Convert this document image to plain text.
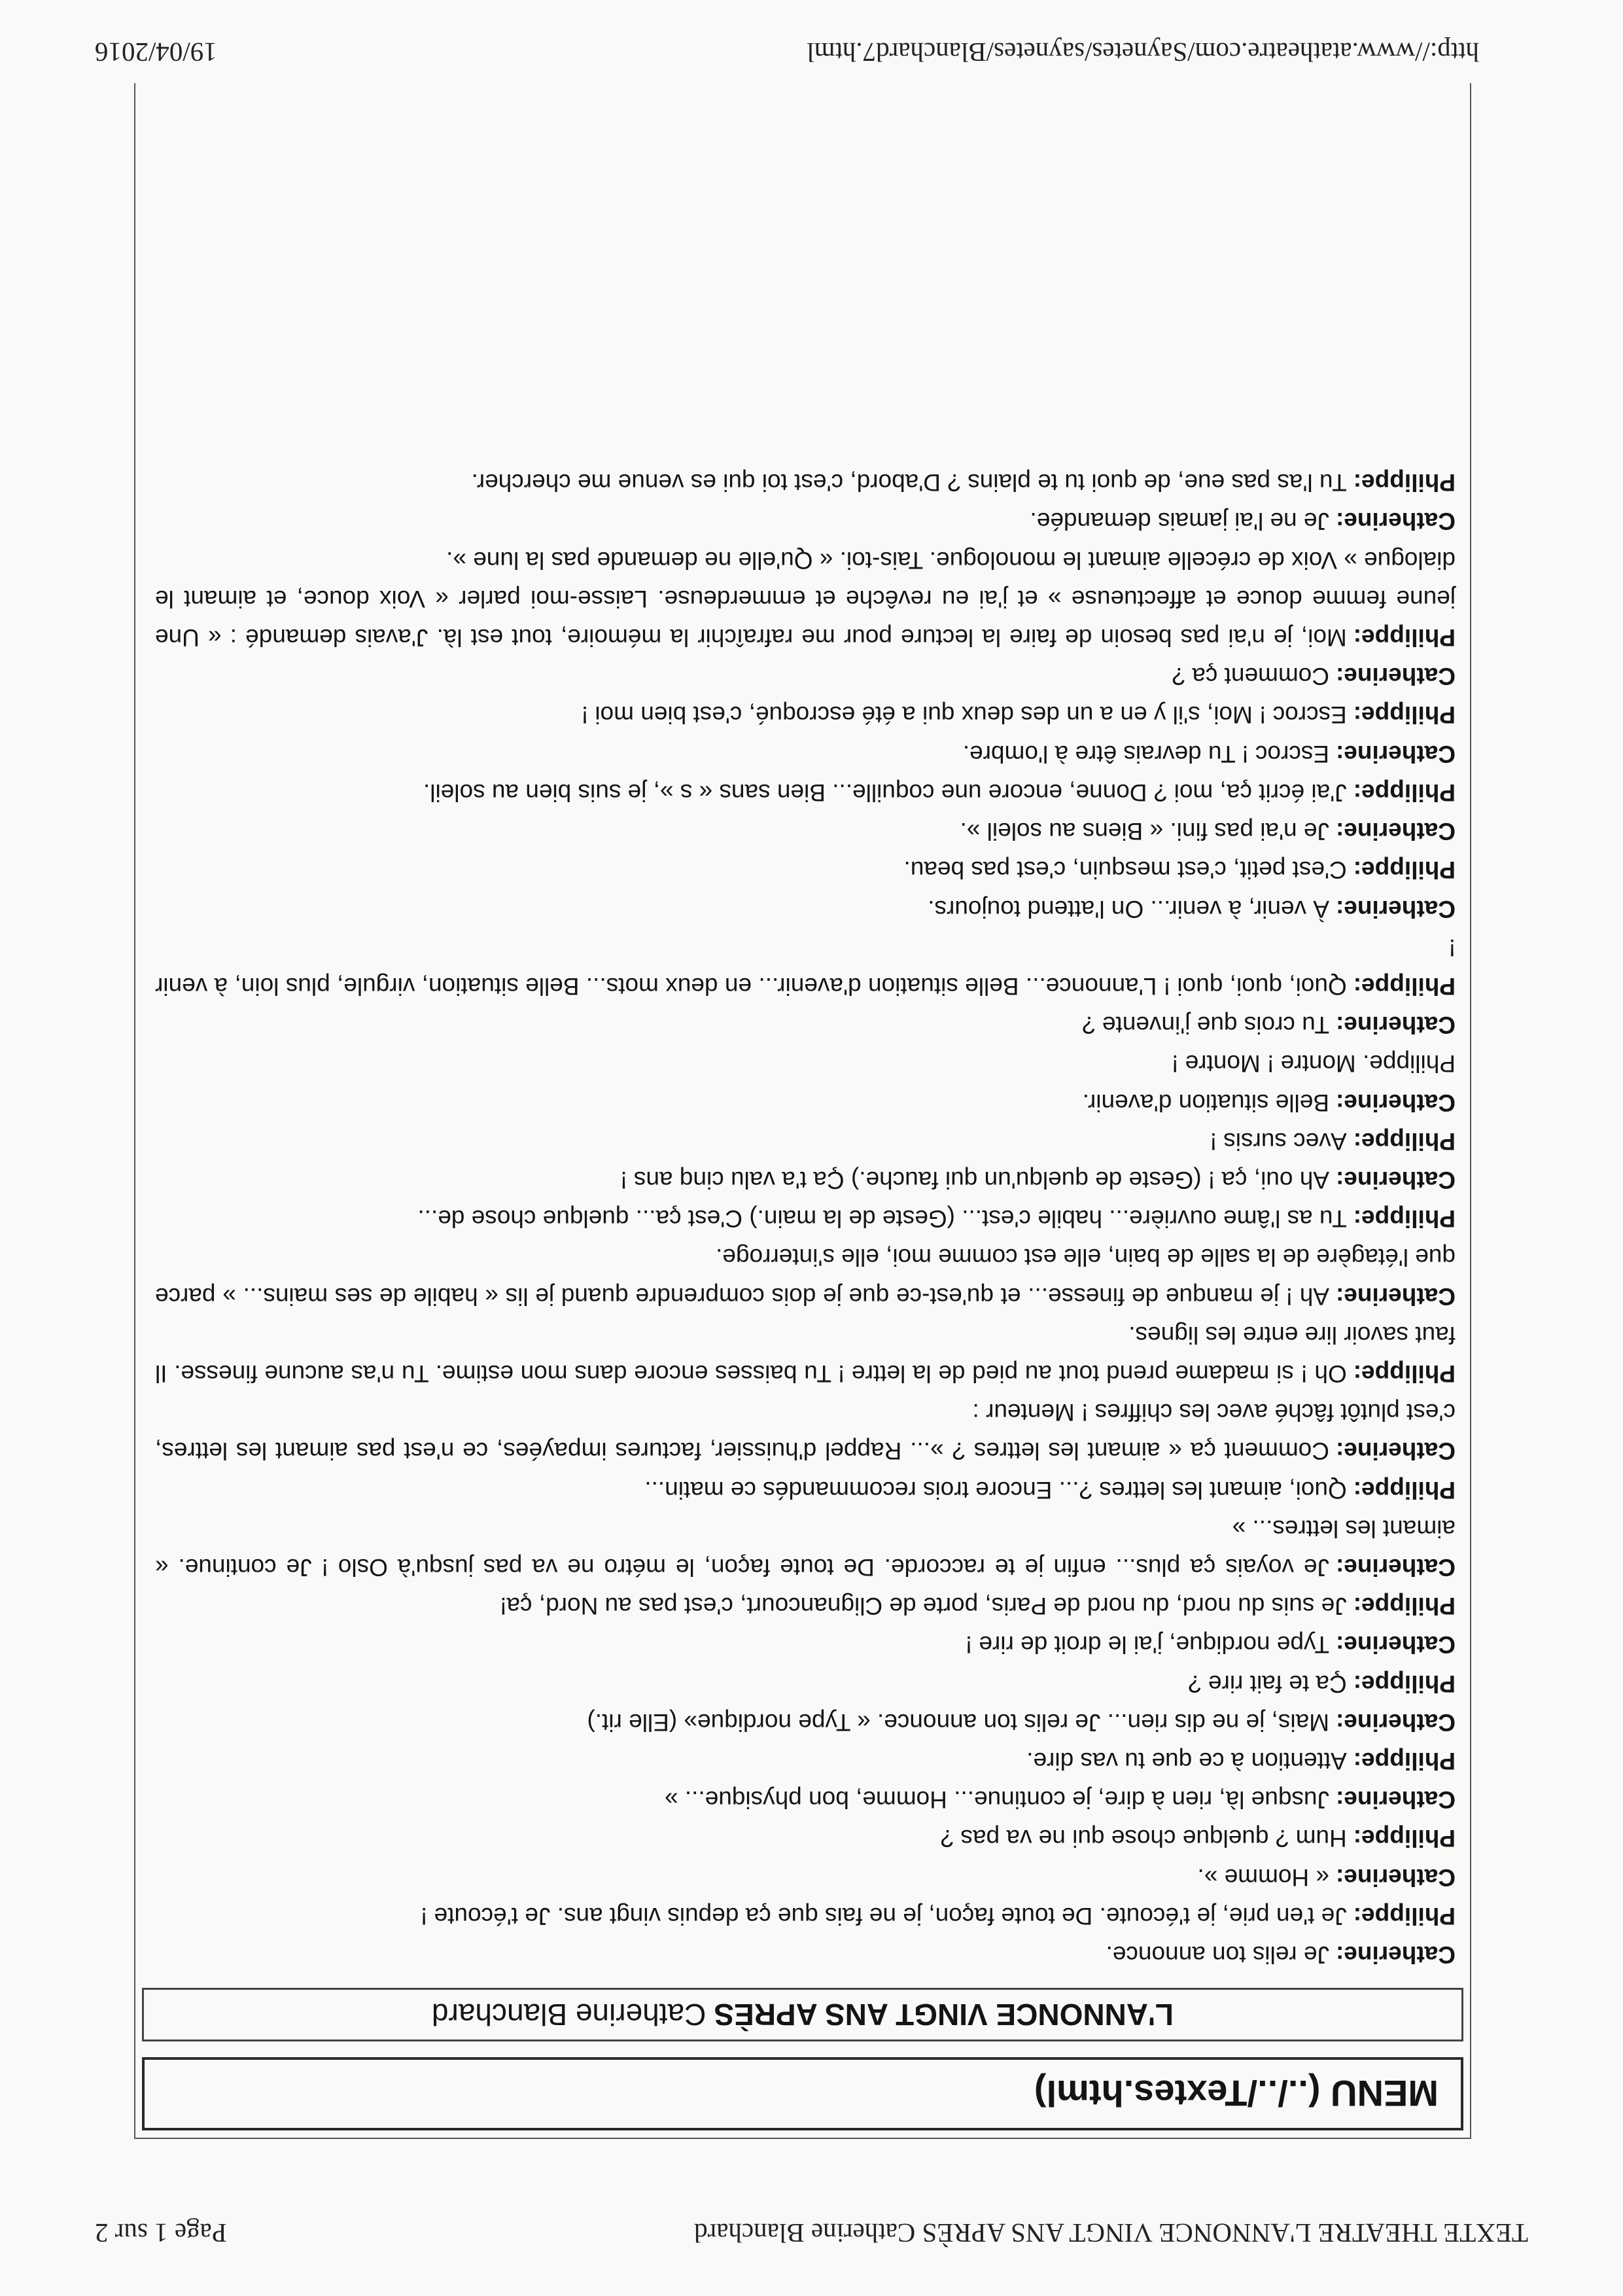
TEXTE THEATRE L'ANNONCE VINGT ANS APRÈS Catherine Blanchard
Page 1 sur 2
MENU (../../Textes.html)
L'ANNONCE VINGT ANS APRÈS
Catherine Blanchard

Catherine:Je relis ton annonce.

Philippe:Je t'en prie, je t'écoute. De toute façon, je ne fais que ça depuis vingt ans. Je t'écoute !

Catherine:« Homme ».

Philippe:Hum ? quelque chose qui ne va pas ?

Catherine:Jusque là, rien à dire, je continue... Homme, bon physique... »

Philippe:Attention à ce que tu vas dire.

Catherine:Mais, je ne dis rien... Je relis ton annonce. « Type nordique» (Elle rit.)

Philippe:Ça te fait rire ?

Catherine:Type nordique, j'ai le droit de rire !

Philippe:Je suis du nord, du nord de Paris, porte de Clignancourt, c'est pas au Nord, ça!

Catherine:Je voyais ça plus... enfin je te raccorde. De toute façon, le métro ne va pas jusqu'à Oslo ! Je continue. « aimant les lettres... »

Philippe:Quoi, aimant les lettres ?... Encore trois recommandés ce matin...

Catherine:Comment ça « aimant les lettres ? »... Rappel d'huissier, factures impayées, ce n'est pas aimant les lettres, c'est plutôt fâché avec les chiffres ! Menteur :

Philippe:Oh ! si madame prend tout au pied de la lettre ! Tu baisses encore dans mon estime. Tu n'as aucune finesse. Il faut savoir lire entre les lignes.

Catherine:Ah ! je manque de finesse... et qu'est-ce que je dois comprendre quand je lis « habile de ses mains... » parce que l'étagère de la salle de bain, elle est comme moi, elle s'interroge.

Philippe:Tu as l'âme ouvrière... habile c'est... (Geste de la main.) C'est ça... quelque chose de...

Catherine:Ah oui, ça ! (Geste de quelqu'un qui fauche.) Ça t'a valu cinq ans !

Philippe:Avec sursis !

Catherine:Belle situation d'avenir.

Philippe. Montre ! Montre !

Catherine:Tu crois que j'invente ?

Philippe:Quoi, quoi, quoi ! L'annonce... Belle situation d'avenir... en deux mots... Belle situation, virgule, plus loin, à venir !

Catherine:À venir, à venir... On l'attend toujours.

Philippe:C'est petit, c'est mesquin, c'est pas beau.

Catherine:Je n'ai pas fini. « Biens au soleil ».

Philippe:J'ai écrit ça, moi ? Donne, encore une coquille... Bien sans « s », je suis bien au soleil.

Catherine:Escroc ! Tu devrais être à l'ombre.

Philippe:Escroc ! Moi, s'il y en a un des deux qui a été escroqué, c'est bien moi !

Catherine:Comment ça ?

Philippe:Moi, je n'ai pas besoin de faire la lecture pour me rafraîchir la mémoire, tout est là. J'avais demandé : « Une jeune femme douce et affectueuse » et j'ai eu revêche et emmerdeuse. Laisse-moi parler « Voix douce, et aimant le dialogue » Voix de crécelle aimant le monologue. Tais-toi. « Qu'elle ne demande pas la lune ».

Catherine:Je ne l'ai jamais demandée.

Philippe:Tu l'as pas eue, de quoi tu te plains ? D'abord, c'est toi qui es venue me chercher.

http://www.atatheatre.com/Saynetes/saynetes/Blanchard7.html
19/04/2016
